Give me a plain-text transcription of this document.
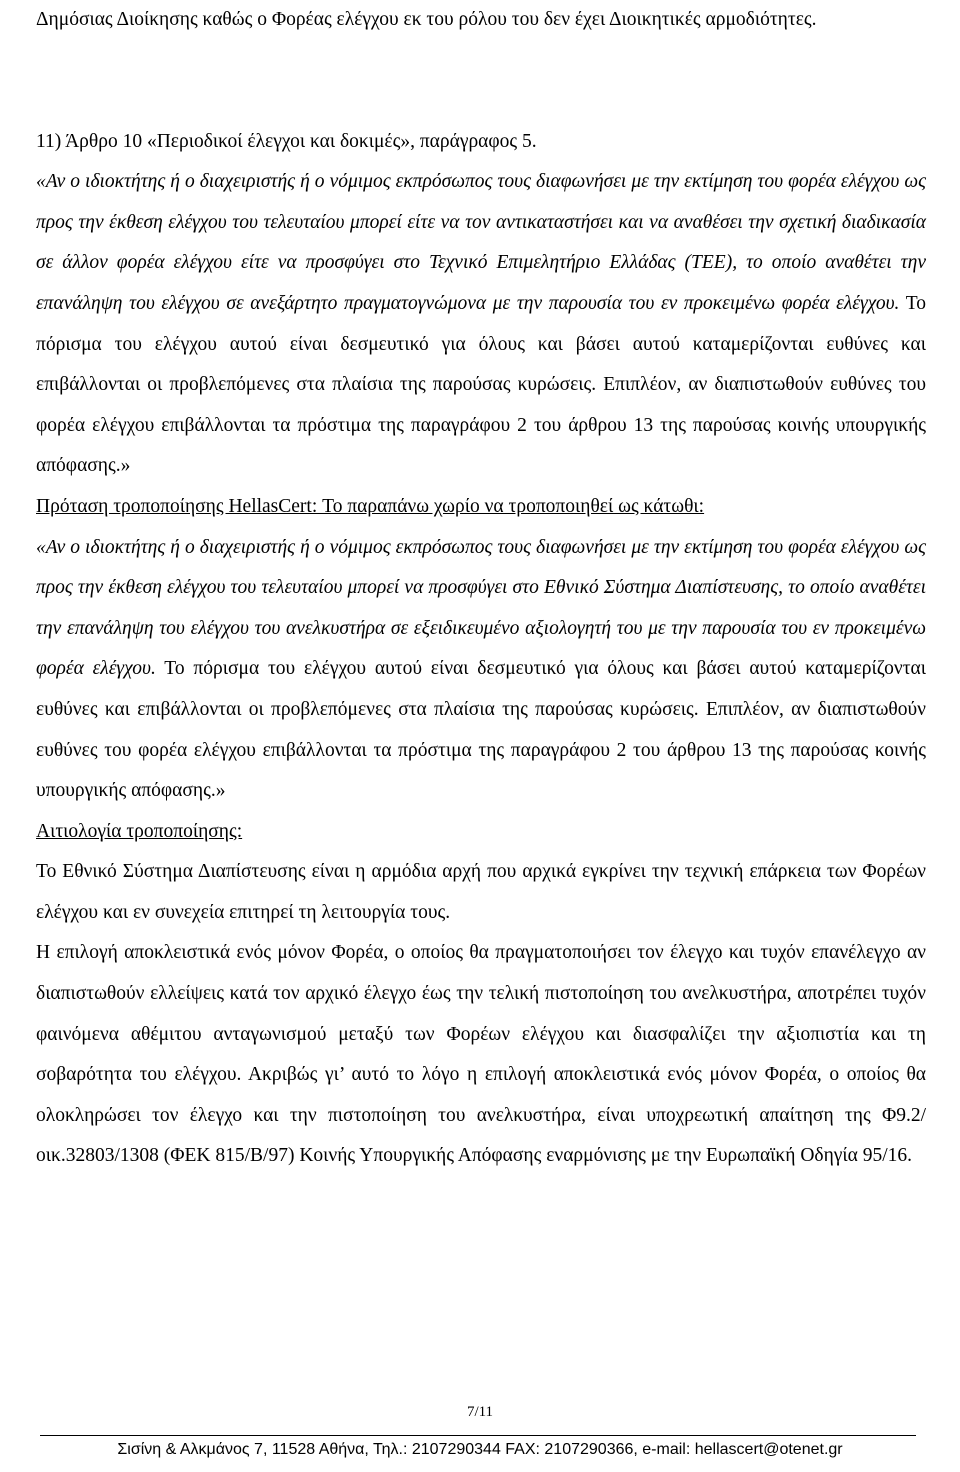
Δημόσιας Διοίκησης καθώς ο Φορέας ελέγχου εκ του ρόλου του δεν έχει Διοικητικές αρμοδιότητες.

11) Άρθρο 10 «Περιοδικοί έλεγχοι και δοκιμές», παράγραφος 5.

«Αν ο ιδιοκτήτης ή ο διαχειριστής ή ο νόμιμος εκπρόσωπος τους διαφωνήσει με την εκτίμηση του φορέα ελέγχου ως προς την έκθεση ελέγχου του τελευταίου μπορεί είτε να τον αντικαταστήσει και να αναθέσει την σχετική διαδικασία σε άλλον φορέα ελέγχου είτε να προσφύγει στο Τεχνικό Επιμελητήριο Ελλάδας (ΤΕΕ), το οποίο αναθέτει την επανάληψη του ελέγχου σε ανεξάρτητο πραγματογνώμονα με την παρουσία του εν προκειμένω φορέα ελέγχου. Το πόρισμα του ελέγχου αυτού είναι δεσμευτικό για όλους και βάσει αυτού καταμερίζονται ευθύνες και επιβάλλονται οι προβλεπόμενες στα πλαίσια της παρούσας κυρώσεις. Επιπλέον, αν διαπιστωθούν ευθύνες του φορέα ελέγχου επιβάλλονται τα πρόστιμα της παραγράφου 2 του άρθρου 13 της παρούσας κοινής υπουργικής απόφασης.»

Πρόταση τροποποίησης HellasCert: Το παραπάνω χωρίο να τροποποιηθεί ως κάτωθι:

«Αν ο ιδιοκτήτης ή ο διαχειριστής ή ο νόμιμος εκπρόσωπος τους διαφωνήσει με την εκτίμηση του φορέα ελέγχου ως προς την έκθεση ελέγχου του τελευταίου μπορεί να προσφύγει στο Εθνικό Σύστημα Διαπίστευσης, το οποίο αναθέτει την επανάληψη του ελέγχου του ανελκυστήρα σε εξειδικευμένο αξιολογητή του με την παρουσία του εν προκειμένω φορέα ελέγχου. Το πόρισμα του ελέγχου αυτού είναι δεσμευτικό για όλους και βάσει αυτού καταμερίζονται ευθύνες και επιβάλλονται οι προβλεπόμενες στα πλαίσια της παρούσας κυρώσεις. Επιπλέον, αν διαπιστωθούν ευθύνες του φορέα ελέγχου επιβάλλονται τα πρόστιμα της παραγράφου 2 του άρθρου 13 της παρούσας κοινής υπουργικής απόφασης.»

Αιτιολογία τροποποίησης:

Το Εθνικό Σύστημα Διαπίστευσης είναι η αρμόδια αρχή που αρχικά εγκρίνει την τεχνική επάρκεια των Φορέων ελέγχου και εν συνεχεία επιτηρεί τη λειτουργία τους.

Η επιλογή αποκλειστικά ενός μόνον Φορέα, ο οποίος θα πραγματοποιήσει τον έλεγχο και τυχόν επανέλεγχο αν διαπιστωθούν ελλείψεις κατά τον αρχικό έλεγχο έως την τελική πιστοποίηση του ανελκυστήρα, αποτρέπει τυχόν φαινόμενα αθέμιτου ανταγωνισμού μεταξύ των Φορέων ελέγχου και διασφαλίζει την αξιοπιστία και τη σοβαρότητα του ελέγχου. Ακριβώς γι’ αυτό το λόγο η επιλογή αποκλειστικά ενός μόνον Φορέα, ο οποίος θα ολοκληρώσει τον έλεγχο και την πιστοποίηση του ανελκυστήρα, είναι υποχρεωτική απαίτηση της Φ9.2/οικ.32803/1308 (ΦΕΚ 815/Β/97) Κοινής Υπουργικής Απόφασης εναρμόνισης με την Ευρωπαϊκή Οδηγία 95/16.

7/11
Σισίνη & Αλκμάνος 7, 11528 Αθήνα, Τηλ.: 2107290344 FAX: 2107290366, e-mail: hellascert@otenet.gr
